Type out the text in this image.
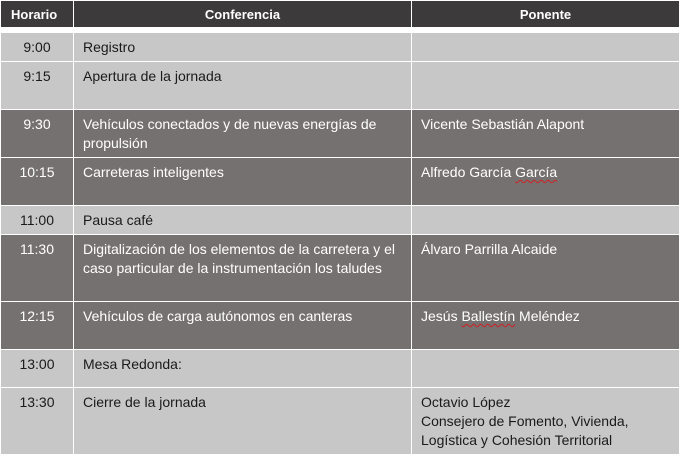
Horario	Conferencia	Ponente

9:00	Registro	
9:15	Apertura de la jornada	
9:30	Vehículos conectados y de nuevas energías de propulsión	Vicente Sebastián Alapont
10:15	Carreteras inteligentes	Alfredo García García
11:00	Pausa café	
11:30	Digitalización de los elementos de la carretera y el caso particular de la instrumentación los taludes	Álvaro Parrilla Alcaide
12:15	Vehículos de carga autónomos en canteras	Jesús Ballestín Meléndez
13:00	Mesa Redonda:	
13:30	Cierre de la jornada	Octavio López
Consejero de Fomento, Vivienda,
Logística y Cohesión Territorial
